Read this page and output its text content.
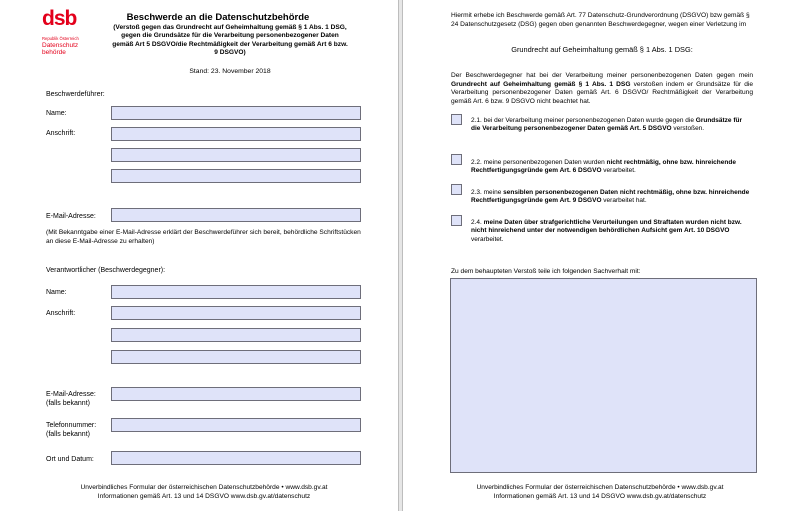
dsb
Republik Österreich
Datenschutz
behörde
Beschwerde an die Datenschutzbehörde
(Verstoß gegen das Grundrecht auf Geheimhaltung gemäß § 1 Abs. 1 DSG, gegen die Grundsätze für die Verarbeitung personenbezogener Daten gemäß Art 5 DSGVO/die Rechtmäßigkeit der Verarbeitung gemäß Art 6 bzw. 9 DSGVO)
Stand: 23. November 2018
Beschwerdeführer:
Name:
Anschrift:
E-Mail-Adresse:
(Mit Bekanntgabe einer E-Mail-Adresse erklärt der Beschwerdeführer sich bereit, behördliche Schriftstücken an diese E-Mail-Adresse zu erhalten)
Verantwortlicher (Beschwerdegegner):
Name:
Anschrift:
E-Mail-Adresse:
(falls bekannt)
Telefonnummer:
(falls bekannt)
Ort und Datum:
Unverbindliches Formular der österreichischen Datenschutzbehörde • www.dsb.gv.at
Informationen gemäß Art. 13 und 14 DSGVO www.dsb.gv.at/datenschutz
Hiermit erhebe ich Beschwerde gemäß Art. 77 Datenschutz-Grundverordnung (DSGVO) bzw gemäß § 24 Datenschutzgesetz (DSG) gegen oben genannten Beschwerdegegner, wegen einer Verletzung im
Grundrecht auf Geheimhaltung gemäß § 1 Abs. 1 DSG:
Der Beschwerdegegner hat bei der Verarbeitung meiner personenbezogenen Daten gegen mein Grundrecht auf Geheimhaltung gemäß § 1 Abs. 1 DSG verstoßen indem er Grundsätze für die Verarbeitung personenbezogener Daten gemäß Art. 6 DSGVO/ Rechtmäßigkeit der Verarbeitung gemäß Art. 6 bzw. 9 DSGVO nicht beachtet hat.
2.1. bei der Verarbeitung meiner personenbezogenen Daten wurde gegen die Grundsätze für die Verarbeitung personenbezogener Daten gemäß Art. 5 DSGVO verstoßen.
2.2. meine personenbezogenen Daten wurden nicht rechtmäßig, ohne bzw. hinreichende Rechtfertigungsgründe gem Art. 6 DSGVO verarbeitet.
2.3. meine sensiblen personenbezogenen Daten nicht rechtmäßig, ohne bzw. hinreichende Rechtfertigungsgründe gem Art. 9 DSGVO verarbeitet hat.
2.4. meine Daten über strafgerichtliche Verurteilungen und Straftaten wurden nicht bzw. nicht hinreichend unter der notwendigen behördlichen Aufsicht gem Art. 10 DSGVO verarbeitet.
Zu dem behaupteten Verstoß teile ich folgenden Sachverhalt mit:
Unverbindliches Formular der österreichischen Datenschutzbehörde • www.dsb.gv.at
Informationen gemäß Art. 13 und 14 DSGVO www.dsb.gv.at/datenschutz
